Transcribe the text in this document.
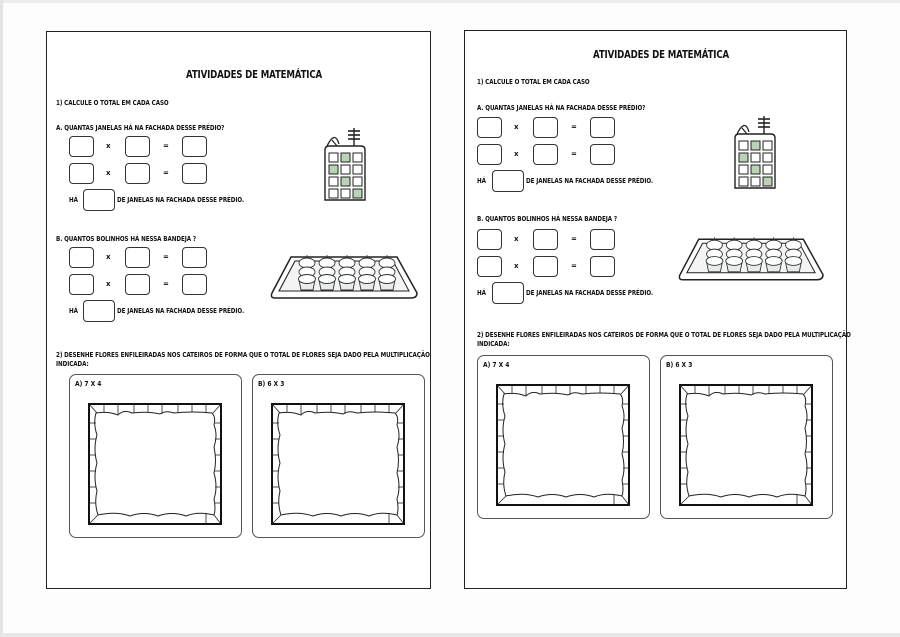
ATIVIDADES DE MATEMÁTICA
1) CALCULE O TOTAL EM CADA CASO
A. QUANTAS JANELAS HÁ NA FACHADA DESSE PRÉDIO?
x	=
x	=
HÁ	DE JANELAS NA FACHADA DESSE PRÉDIO.
B. QUANTOS BOLINHOS HÁ NESSA BANDEJA ?
x	=
x	=
HÁ	DE JANELAS NA FACHADA DESSE PRÉDIO.
2) DESENHE FLORES ENFILEIRADAS NOS CATEIROS DE FORMA QUE O TOTAL DE FLORES SEJA DADO PELA MULTIPLICAÇÃO
INDICADA:
A) 7 X 4	B) 6 X 3
ATIVIDADES DE MATEMÁTICA
1) CALCULE O TOTAL EM CADA CASO
A. QUANTAS JANELAS HÁ NA FACHADA DESSE PRÉDIO?
x	=
x	=
HÁ	DE JANELAS NA FACHADA DESSE PRÉDIO.
B. QUANTOS BOLINHOS HÁ NESSA BANDEJA ?
x	=
x	=
HÁ	DE JANELAS NA FACHADA DESSE PRÉDIO.
2) DESENHE FLORES ENFILEIRADAS NOS CATEIROS DE FORMA QUE O TOTAL DE FLORES SEJA DADO PELA MULTIPLICAÇÃO
INDICADA:
A) 7 X 4	B) 6 X 3
